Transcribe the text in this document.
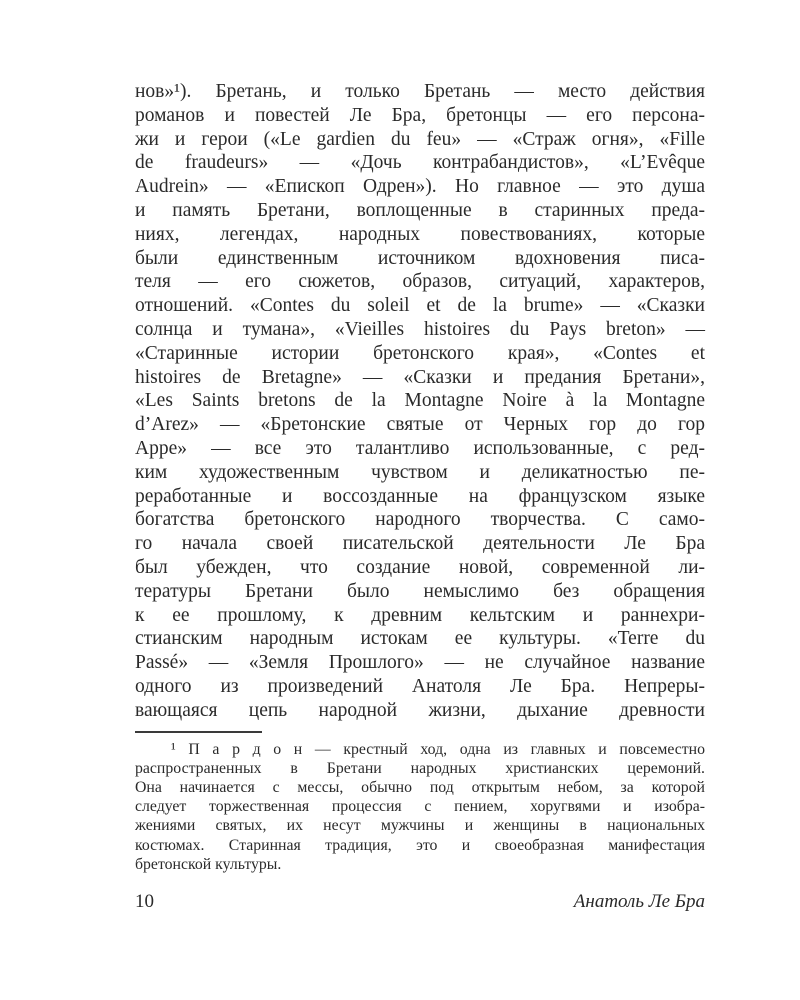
нов»¹). Бретань, и только Бретань — место действия
романов и повестей Ле Бра, бретонцы — его персона-
жи и герои («Le gardien du feu» — «Страж огня», «Fille
de fraudeurs» — «Дочь контрабандистов», «L’Evêque
Audrein» — «Епископ Одрен»). Но главное — это душа
и память Бретани, воплощенные в старинных преда-
ниях, легендах, народных повествованиях, которые
были единственным источником вдохновения писа-
теля — его сюжетов, образов, ситуаций, характеров,
отношений. «Contes du soleil et de la brume» — «Сказки
солнца и тумана», «Vieilles histoires du Pays breton» —
«Старинные истории бретонского края», «Contes et
histoires de Bretagne» — «Сказки и предания Бретани»,
«Les Saints bretons de la Montagne Noire à la Montagne
d’Arez» — «Бретонские святые от Черных гор до гор
Арре» — все это талантливо использованные, с ред-
ким художественным чувством и деликатностью пе-
реработанные и воссозданные на французском языке
богатства бретонского народного творчества. С само-
го начала своей писательской деятельности Ле Бра
был убежден, что создание новой, современной ли-
тературы Бретани было немыслимо без обращения
к ее прошлому, к древним кельтским и раннехри-
стианским народным истокам ее культуры. «Terre du
Passé» — «Земля Прошлого» — не случайное название
одного из произведений Анатоля Ле Бра. Непреры-
вающаяся цепь народной жизни, дыхание древности
¹ П а р д о н — крестный ход, одна из главных и повсеместно
распространенных в Бретани народных христианских церемоний.
Она начинается с мессы, обычно под открытым небом, за которой
следует торжественная процессия с пением, хоругвями и изобра-
жениями святых, их несут мужчины и женщины в национальных
костюмах. Старинная традиция, это и своеобразная манифестация
бретонской культуры.
10	Анатоль Ле Бра
